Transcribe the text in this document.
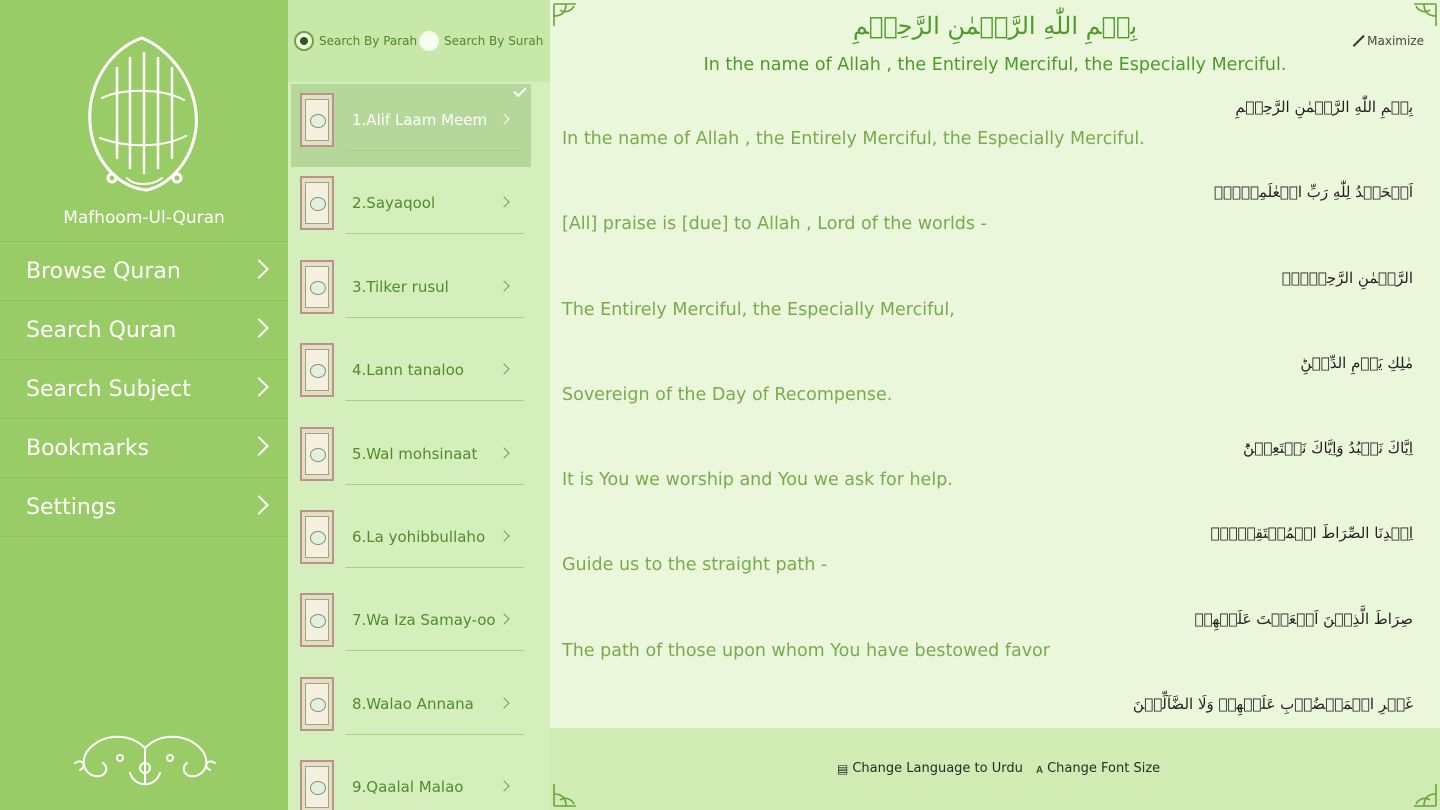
Mafhoom-Ul-Quran
Browse Quran
Search Quran
Search Subject
Bookmarks
Settings
Search By Parah Search By Surah
1.Alif Laam Meem
2.Sayaqool
3.Tilker rusul
4.Lann tanaloo
5.Wal mohsinaat
6.La yohibbullaho
7.Wa Iza Samay-oo
8.Walao Annana
9.Qaalal Malao
بِسۡمِ اللّٰهِ الرَّحۡمٰنِ الرَّحِيۡمِ
In the name of Allah , the Entirely Merciful, the Especially Merciful.
Maximize
بِسۡمِ اللّٰهِ الرَّحۡمٰنِ الرَّحِيۡمِ
In the name of Allah , the Entirely Merciful, the Especially Merciful.
اَلۡحَمۡدُ لِلّٰهِ رَبِّ الۡعٰلَمِيۡنَۙ
[All] praise is [due] to Allah , Lord of the worlds -
الرَّحۡمٰنِ الرَّحِيۡمِۙ
The Entirely Merciful, the Especially Merciful,
مٰلِكِ يَوۡمِ الدِّيۡنِؕ
Sovereign of the Day of Recompense.
اِيَّاكَ نَعۡبُدُ وَاِيَّاكَ نَسۡتَعِيۡنُؕ
It is You we worship and You we ask for help.
اِهۡدِنَا الصِّرَاطَ الۡمُسۡتَقِيۡمَۙ
Guide us to the straight path -
صِرَاطَ الَّذِيۡنَ اَنۡعَمۡتَ عَلَيۡهِمۡ
The path of those upon whom You have bestowed favor
غَيۡرِ الۡمَغۡضُوۡبِ عَلَيۡهِمۡ وَلَا الضَّآلِّيۡنَ
▤ Change Language to Urdu ᴀ Change Font Size
